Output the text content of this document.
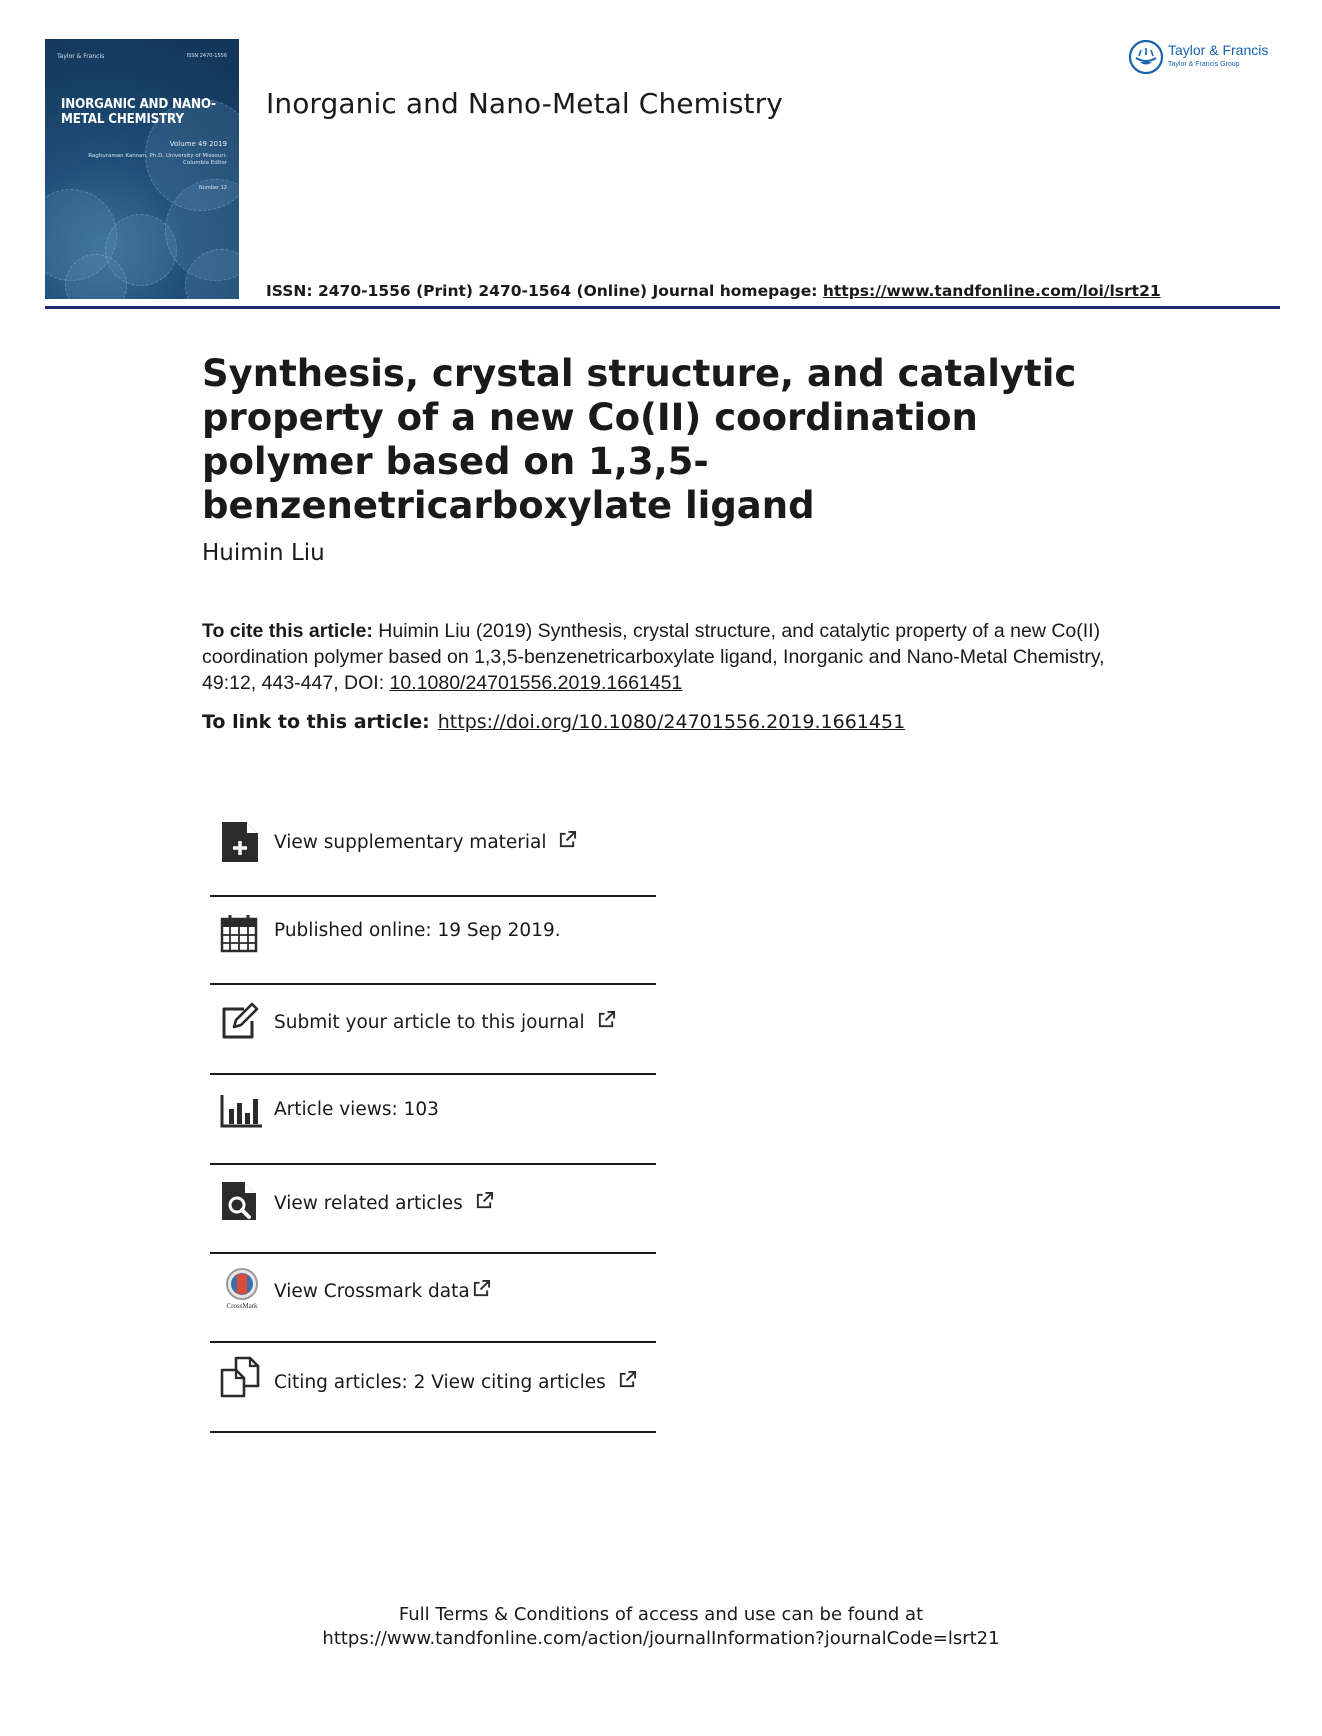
Taylor & Francis	ISSN 2470-1556
INORGANIC AND NANO-METAL CHEMISTRY
Volume 49 2019
Raghuraman Kannan, Ph.D. University of Missouri-Columbia Editor
Number 12
Inorganic and Nano-Metal Chemistry
Taylor & Francis
Taylor & Francis Group
ISSN: 2470-1556 (Print) 2470-1564 (Online) Journal homepage: https://www.tandfonline.com/loi/lsrt21
Synthesis, crystal structure, and catalytic property of a new Co(II) coordination polymer based on 1,3,5-benzenetricarboxylate ligand
Huimin Liu
To cite this article: Huimin Liu (2019) Synthesis, crystal structure, and catalytic property of a new Co(II) coordination polymer based on 1,3,5-benzenetricarboxylate ligand, Inorganic and Nano-Metal Chemistry, 49:12, 443-447, DOI: 10.1080/24701556.2019.1661451
To link to this article: https://doi.org/10.1080/24701556.2019.1661451
View supplementary material
Published online: 19 Sep 2019.
Submit your article to this journal
Article views: 103
View related articles
CrossMark
View Crossmark data
Citing articles: 2 View citing articles
Full Terms & Conditions of access and use can be found at
https://www.tandfonline.com/action/journalInformation?journalCode=lsrt21
